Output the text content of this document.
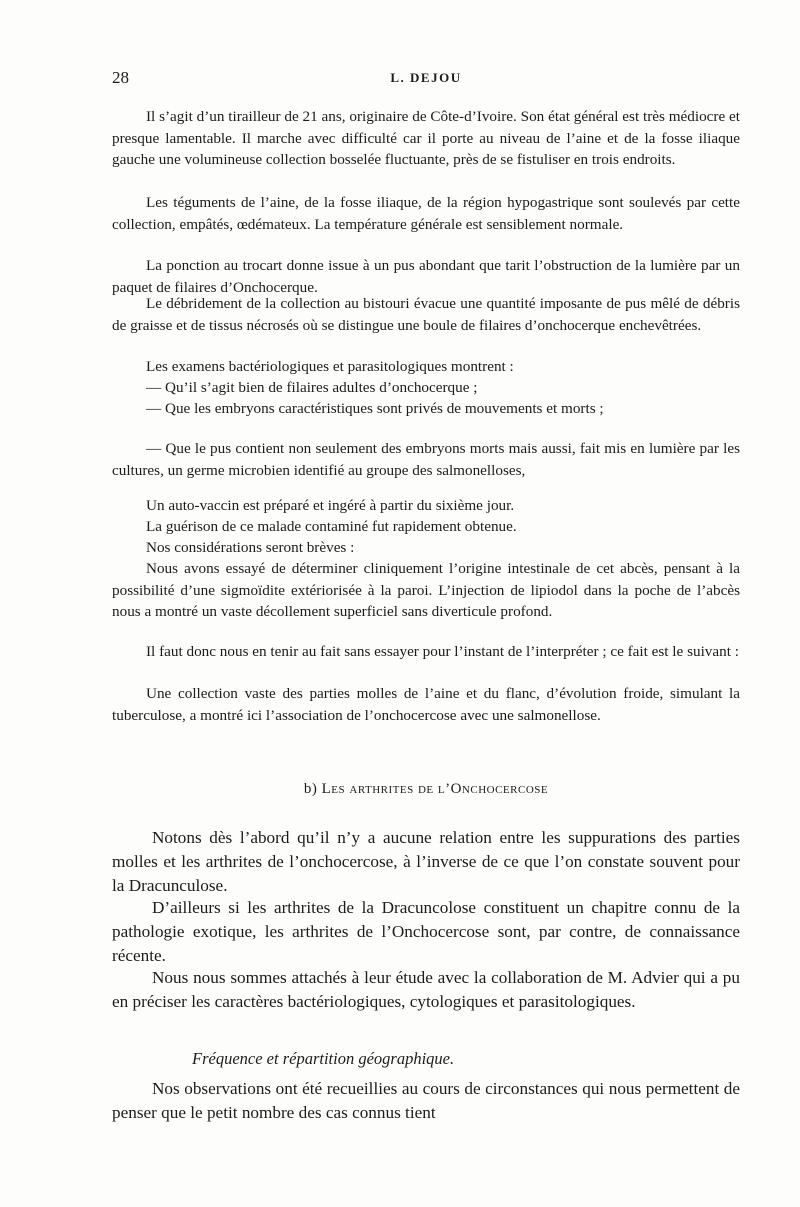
28	L. DEJOU

Il s’agit d’un tirailleur de 21 ans, originaire de Côte-d’Ivoire. Son état général est très médiocre et presque lamentable. Il marche avec difficulté car il porte au niveau de l’aine et de la fosse iliaque gauche une volumineuse collection bosselée fluctuante, près de se fistuliser en trois endroits.

Les téguments de l’aine, de la fosse iliaque, de la région hypogastrique sont soulevés par cette collection, empâtés, œdémateux. La température générale est sensiblement normale.

La ponction au trocart donne issue à un pus abondant que tarit l’obstruction de la lumière par un paquet de filaires d’Onchocerque.

Le débridement de la collection au bistouri évacue une quantité imposante de pus mêlé de débris de graisse et de tissus nécrosés où se distingue une boule de filaires d’onchocerque enchevêtrées.

Les examens bactériologiques et parasitologiques montrent :

— Qu’il s’agit bien de filaires adultes d’onchocerque ;

— Que les embryons caractéristiques sont privés de mouvements et morts ;

— Que le pus contient non seulement des embryons morts mais aussi, fait mis en lumière par les cultures, un germe microbien identifié au groupe des salmonelloses,

Un auto-vaccin est préparé et ingéré à partir du sixième jour.

La guérison de ce malade contaminé fut rapidement obtenue.

Nos considérations seront brèves :

Nous avons essayé de déterminer cliniquement l’origine intestinale de cet abcès, pensant à la possibilité d’une sigmoïdite extériorisée à la paroi. L’injection de lipiodol dans la poche de l’abcès nous a montré un vaste décollement superficiel sans diverticule profond.

Il faut donc nous en tenir au fait sans essayer pour l’instant de l’interpréter ; ce fait est le suivant :

Une collection vaste des parties molles de l’aine et du flanc, d’évolution froide, simulant la tuberculose, a montré ici l’association de l’onchocercose avec une salmonellose.

b) Les arthrites de l’Onchocercose

Notons dès l’abord qu’il n’y a aucune relation entre les suppurations des parties molles et les arthrites de l’onchocercose, à l’inverse de ce que l’on constate souvent pour la Dracunculose.

D’ailleurs si les arthrites de la Dracuncolose constituent un chapitre connu de la pathologie exotique, les arthrites de l’Onchocercose sont, par contre, de connaissance récente.

Nous nous sommes attachés à leur étude avec la collaboration de M. Advier qui a pu en préciser les caractères bactériologiques, cytologiques et parasitologiques.

Fréquence et répartition géographique.

Nos observations ont été recueillies au cours de circonstances qui nous permettent de penser que le petit nombre des cas connus tient
